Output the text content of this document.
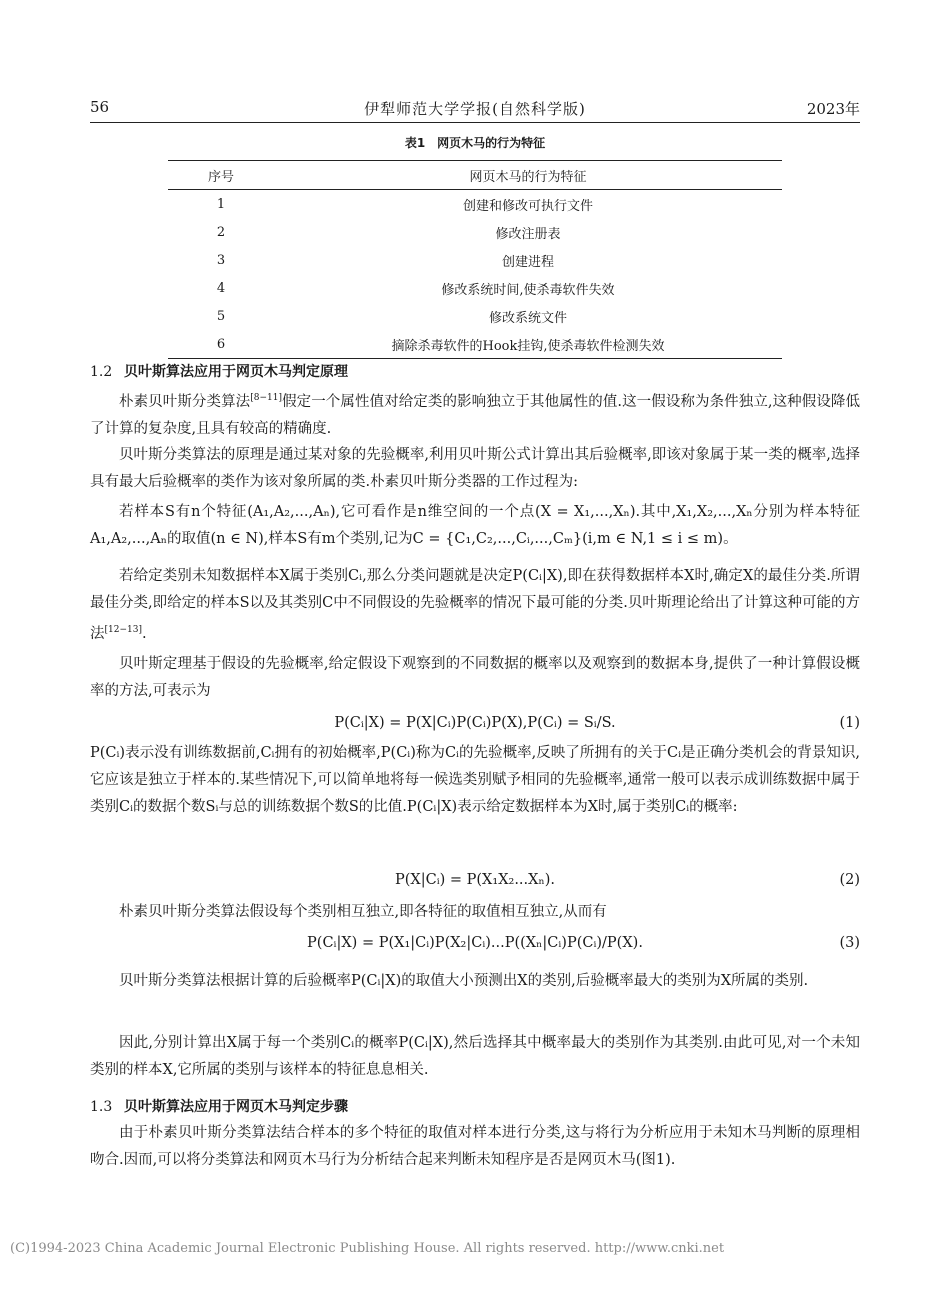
56	伊犁师范大学学报(自然科学版)	2023年
表1　网页木马的行为特征
序号	网页木马的行为特征
1	创建和修改可执行文件
2	修改注册表
3	创建进程
4	修改系统时间,使杀毒软件失效
5	修改系统文件
6	摘除杀毒软件的Hook挂钩,使杀毒软件检测失效
1.2 贝叶斯算法应用于网页木马判定原理

朴素贝叶斯分类算法[8−11]假定一个属性值对给定类的影响独立于其他属性的值.这一假设称为条件独立,这种假设降低了计算的复杂度,且具有较高的精确度.

贝叶斯分类算法的原理是通过某对象的先验概率,利用贝叶斯公式计算出其后验概率,即该对象属于某一类的概率,选择具有最大后验概率的类作为该对象所属的类.朴素贝叶斯分类器的工作过程为:

若样本S有n个特征(A₁,A₂,...,Aₙ),它可看作是n维空间的一个点(X = X₁,...,Xₙ).其中,X₁,X₂,...,Xₙ分别为样本特征A₁,A₂,...,Aₙ的取值(n ∈ N),样本S有m个类别,记为C = {C₁,C₂,...,Cᵢ,...,Cₘ}(i,m ∈ N,1 ≤ i ≤ m)。

若给定类别未知数据样本X属于类别Cᵢ,那么分类问题就是决定P(Cᵢ|X),即在获得数据样本X时,确定X的最佳分类.所谓最佳分类,即给定的样本S以及其类别C中不同假设的先验概率的情况下最可能的分类.贝叶斯理论给出了计算这种可能的方法[12−13].

贝叶斯定理基于假设的先验概率,给定假设下观察到的不同数据的概率以及观察到的数据本身,提供了一种计算假设概率的方法,可表示为

P(Cᵢ|X) = P(X|Cᵢ)P(Cᵢ)P(X),P(Cᵢ) = Sᵢ/S.	(1)

P(Cᵢ)表示没有训练数据前,Cᵢ拥有的初始概率,P(Cᵢ)称为Cᵢ的先验概率,反映了所拥有的关于Cᵢ是正确分类机会的背景知识,它应该是独立于样本的.某些情况下,可以简单地将每一候选类别赋予相同的先验概率,通常一般可以表示成训练数据中属于类别Cᵢ的数据个数Sᵢ与总的训练数据个数S的比值.P(Cᵢ|X)表示给定数据样本为X时,属于类别Cᵢ的概率:

P(X|Cᵢ) = P(X₁X₂...Xₙ).	(2)

朴素贝叶斯分类算法假设每个类别相互独立,即各特征的取值相互独立,从而有

P(Cᵢ|X) = P(X₁|Cᵢ)P(X₂|Cᵢ)...P((Xₙ|Cᵢ)P(Cᵢ)/P(X).	(3)

贝叶斯分类算法根据计算的后验概率P(Cᵢ|X)的取值大小预测出X的类别,后验概率最大的类别为X所属的类别.

因此,分别计算出X属于每一个类别Cᵢ的概率P(Cᵢ|X),然后选择其中概率最大的类别作为其类别.由此可见,对一个未知类别的样本X,它所属的类别与该样本的特征息息相关.

1.3 贝叶斯算法应用于网页木马判定步骤

由于朴素贝叶斯分类算法结合样本的多个特征的取值对样本进行分类,这与将行为分析应用于未知木马判断的原理相吻合.因而,可以将分类算法和网页木马行为分析结合起来判断未知程序是否是网页木马(图1).

(C)1994-2023 China Academic Journal Electronic Publishing House. All rights reserved. http://www.cnki.net
